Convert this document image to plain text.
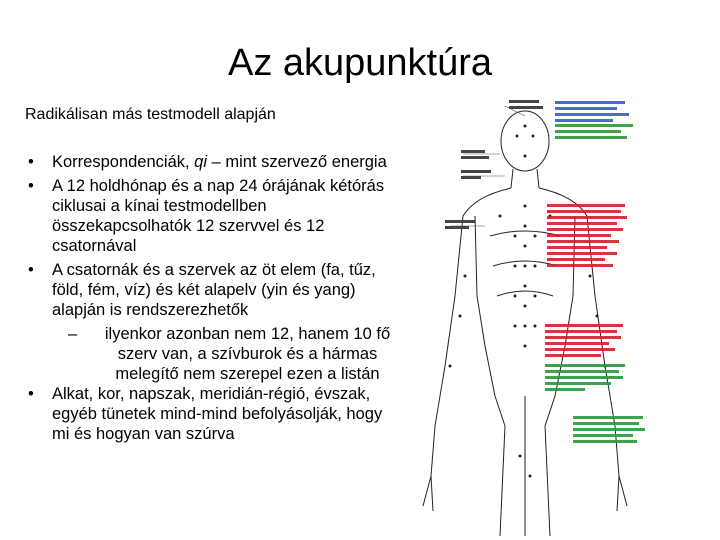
Az akupunktúra
Radikálisan más testmodell alapján
• Korrespondenciák, qi – mint szervező energia
• A 12 holdhónap és a nap 24 órájának kétórás ciklusai a kínai testmodellben összekapcsolhatók 12 szervvel és 12 csatornával
• A csatornák és a szervek az öt elem (fa, tűz, föld, fém, víz) és két alapelv (yin és yang) alapján is rendszerezhetők
– ilyenkor azonban nem 12, hanem 10 fő szerv van, a szívburok és a hármas melegítő nem szerepel ezen a listán
• Alkat, kor, napszak, meridián-régió, évszak, egyéb tünetek mind-mind befolyásolják, hogy mi és hogyan van szúrva
